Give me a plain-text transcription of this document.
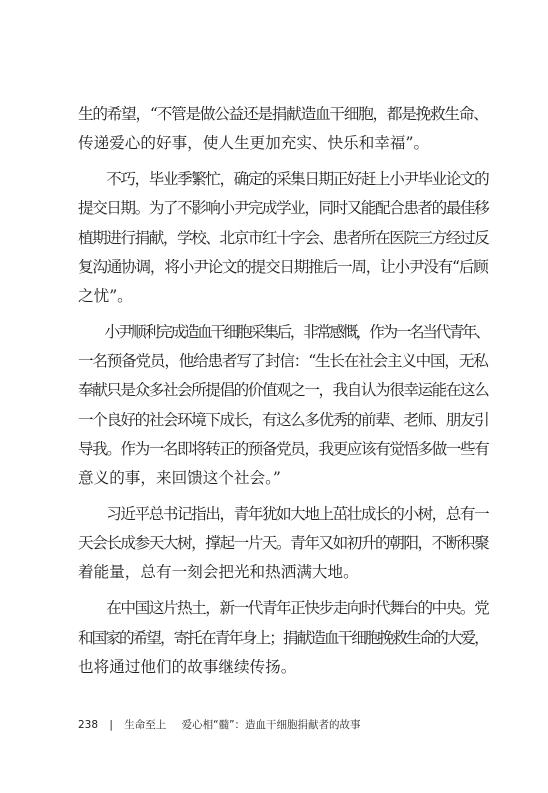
生的希望，“不管是做公益还是捐献造血干细胞，都是挽救生命、
传递爱心的好事，使人生更加充实、快乐和幸福”。
　　不巧，毕业季繁忙，确定的采集日期正好赶上小尹毕业论文的
提交日期。为了不影响小尹完成学业，同时又能配合患者的最佳移
植期进行捐献，学校、北京市红十字会、患者所在医院三方经过反
复沟通协调，将小尹论文的提交日期推后一周，让小尹没有“后顾
之忧”。
　　小尹顺利完成造血干细胞采集后，非常感慨，作为一名当代青年、
一名预备党员，他给患者写了封信：“生长在社会主义中国，无私
奉献只是众多社会所提倡的价值观之一，我自认为很幸运能在这么
一个良好的社会环境下成长，有这么多优秀的前辈、老师、朋友引
导我。作为一名即将转正的预备党员，我更应该有觉悟多做一些有
意义的事，来回馈这个社会。”
　　习近平总书记指出，青年犹如大地上茁壮成长的小树，总有一
天会长成参天大树，撑起一片天。青年又如初升的朝阳，不断积聚
着能量，总有一刻会把光和热洒满大地。
　　在中国这片热土，新一代青年正快步走向时代舞台的中央。党
和国家的希望，寄托在青年身上；捐献造血干细胞挽救生命的大爱，
也将通过他们的故事继续传扬。
238 | 生命至上 爱心相“髓”：造血干细胞捐献者的故事
